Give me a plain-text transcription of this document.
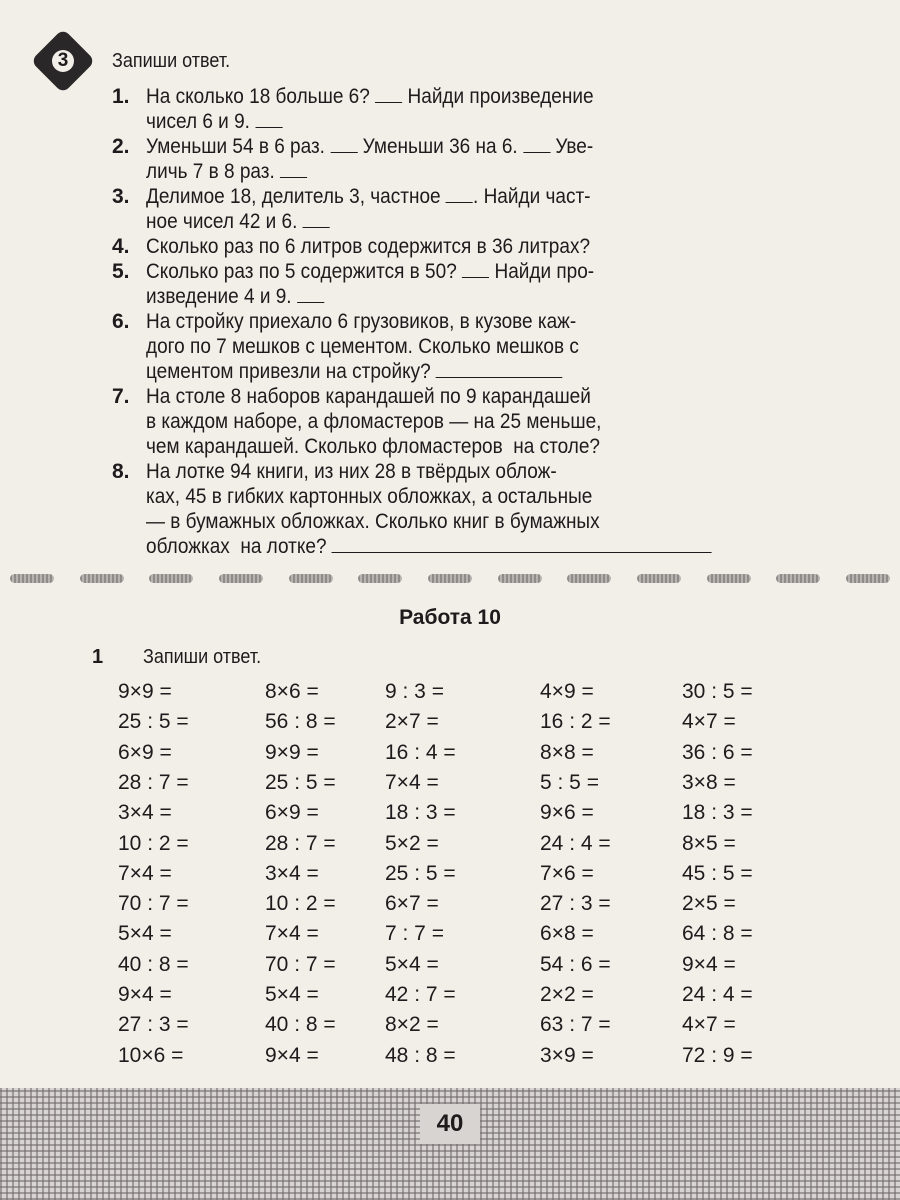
3 Запиши ответ.
1. На сколько 18 больше 6?  Найди произведение
чисел 6 и 9.
2. Уменьши 54 в 6 раз.  Уменьши 36 на 6.  Уве-
личь 7 в 8 раз.
3. Делимое 18, делитель 3, частное . Найди част-
ное чисел 42 и 6.
4. Сколько раз по 6 литров содержится в 36 литрах?
5. Сколько раз по 5 содержится в 50?  Найди про-
изведение 4 и 9.
6. На стройку приехало 6 грузовиков, в кузове каж-
дого по 7 мешков с цементом. Сколько мешков с
цементом привезли на стройку?
7. На столе 8 наборов карандашей по 9 карандашей
в каждом наборе, а фломастеров — на 25 меньше,
чем карандашей. Сколько фломастеров  на столе?
8. На лотке 94 книги, из них 28 в твёрдых облож-
ках, 45 в гибких картонных обложках, а остальные
— в бумажных обложках. Сколько книг в бумажных
обложках  на лотке?
Работа 10
1 Запиши ответ.
9×9 =	8×6 =	9 : 3 =	4×9 =	30 : 5 =
25 : 5 =	56 : 8 = 2×7 =	16 : 2 =	4×7 =
6×9 =	9×9 =	16 : 4 =	8×8 =	36 : 6 =
28 : 7 =	25 : 5 = 7×4 =	5 : 5 =	3×8 =
3×4 =	6×9 =	18 : 3 =	9×6 =	18 : 3 =
10 : 2 =	28 : 7 = 5×2 =	24 : 4 =	8×5 =
7×4 =	3×4 =	25 : 5 =	7×6 =	45 : 5 =
70 : 7 =	10 : 2 = 6×7 =	27 : 3 =	2×5 =
5×4 =	7×4 =	7 : 7 =	6×8 =	64 : 8 =
40 : 8 =	70 : 7 = 5×4 =	54 : 6 =	9×4 =
9×4 =	5×4 =	42 : 7 =	2×2 =	24 : 4 =
27 : 3 =	40 : 8 = 8×2 =	63 : 7 =	4×7 =
10×6 =	9×4 =	48 : 8 =	3×9 =	72 : 9 =
40
